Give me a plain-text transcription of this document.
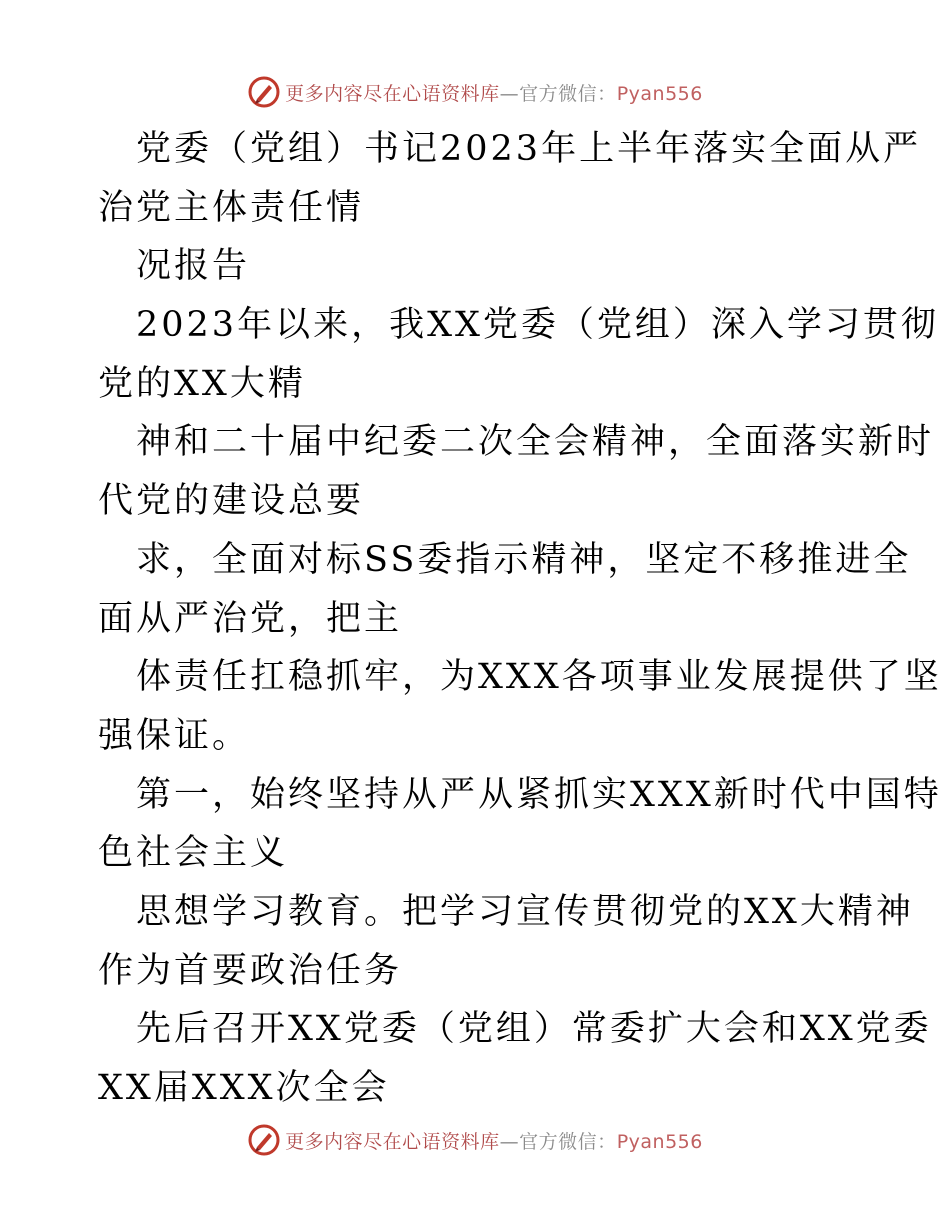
更多内容尽在心语资料库—官方微信：Pyan556
党委（党组）书记2023年上半年落实全面从严
治党主体责任情
况报告
2023年以来，我XX党委（党组）深入学习贯彻
党的XX大精
神和二十届中纪委二次全会精神，全面落实新时
代党的建设总要
求，全面对标SS委指示精神，坚定不移推进全
面从严治党，把主
体责任扛稳抓牢，为XXX各项事业发展提供了坚
强保证。
第一，始终坚持从严从紧抓实XXX新时代中国特
色社会主义
思想学习教育。把学习宣传贯彻党的XX大精神
作为首要政治任务
先后召开XX党委（党组）常委扩大会和XX党委
XX届XXX次全会
更多内容尽在心语资料库—官方微信：Pyan556
